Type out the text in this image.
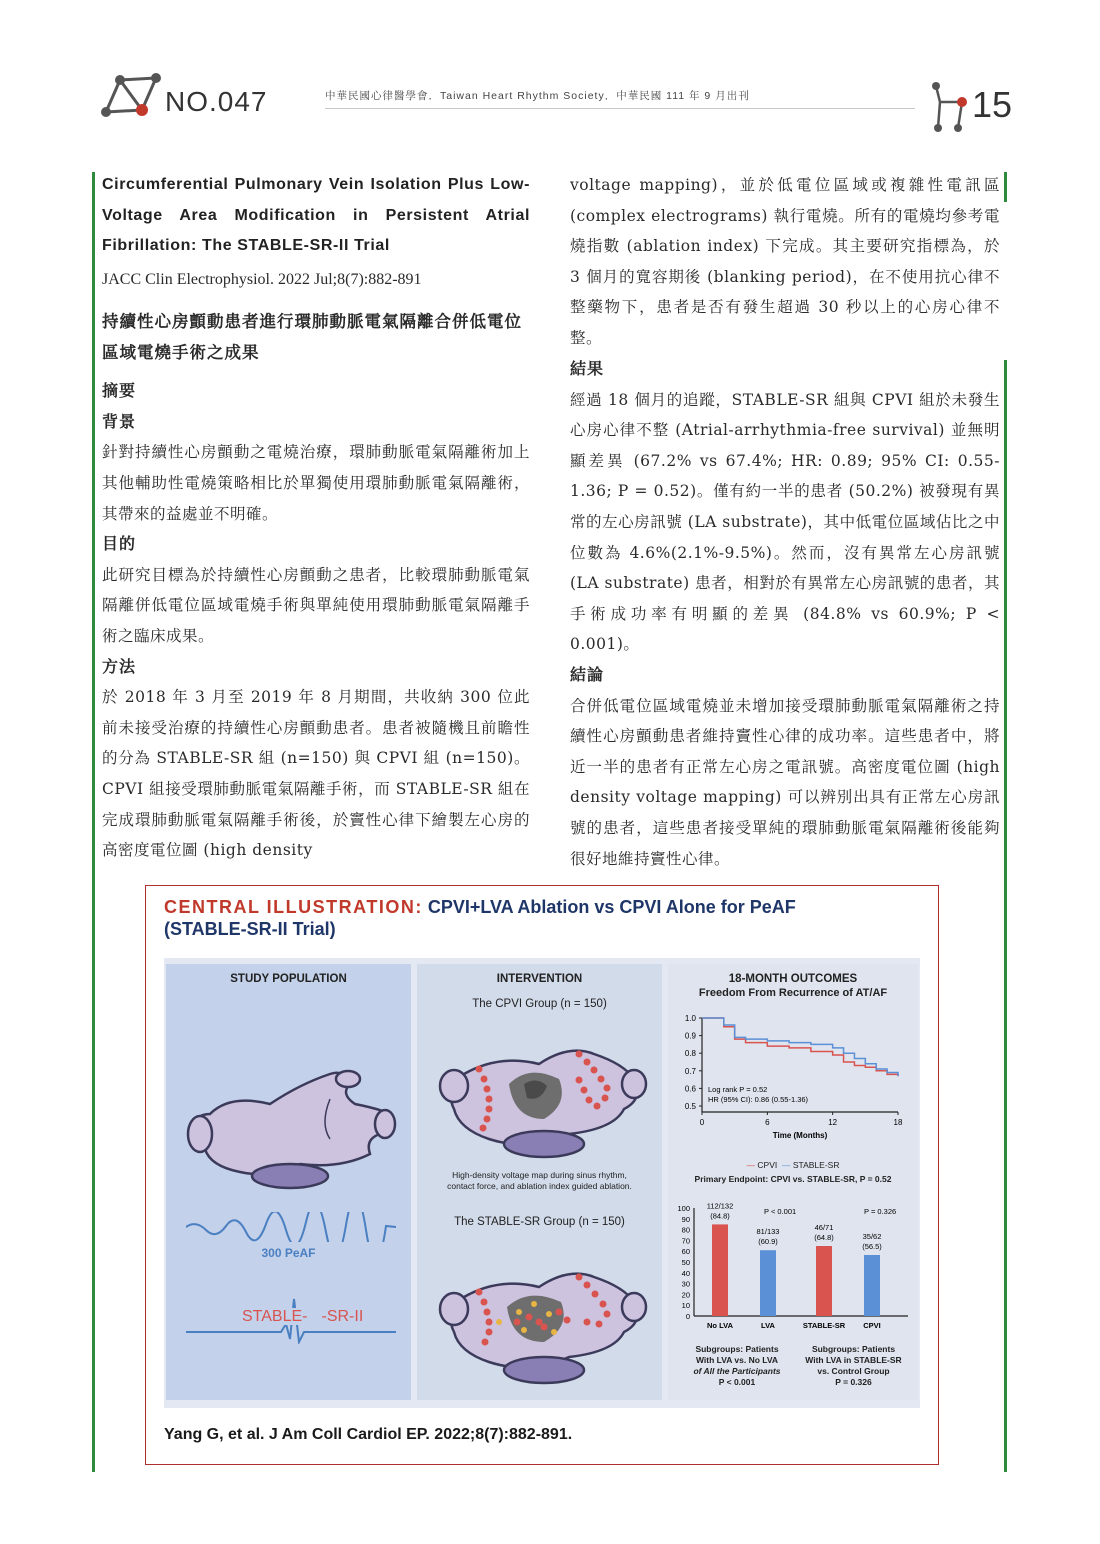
NO.047	中華民國心律醫學會．Taiwan Heart Rhythm Society．中華民國 111 年 9 月出刊	15
Circumferential Pulmonary Vein Isolation Plus Low-Voltage Area Modification in Persistent Atrial Fibrillation: The STABLE-SR-II Trial
JACC Clin Electrophysiol. 2022 Jul;8(7):882-891
持續性心房顫動患者進行環肺動脈電氣隔離合併低電位區域電燒手術之成果
摘要
背景
針對持續性心房顫動之電燒治療，環肺動脈電氣隔離術加上其他輔助性電燒策略相比於單獨使用環肺動脈電氣隔離術，其帶來的益處並不明確。
目的
此研究目標為於持續性心房顫動之患者，比較環肺動脈電氣隔離併低電位區域電燒手術與單純使用環肺動脈電氣隔離手術之臨床成果。
方法
於 2018 年 3 月至 2019 年 8 月期間，共收納 300 位此前未接受治療的持續性心房顫動患者。患者被隨機且前瞻性的分為 STABLE-SR 組 (n=150) 與 CPVI 組 (n=150)。CPVI 組接受環肺動脈電氣隔離手術，而 STABLE-SR 組在完成環肺動脈電氣隔離手術後，於竇性心律下繪製左心房的高密度電位圖 (high density
voltage mapping)，並於低電位區域或複雜性電訊區 (complex electrograms) 執行電燒。所有的電燒均參考電燒指數 (ablation index) 下完成。其主要研究指標為，於 3 個月的寬容期後 (blanking period)，在不使用抗心律不整藥物下，患者是否有發生超過 30 秒以上的心房心律不整。
結果
經過 18 個月的追蹤，STABLE-SR 組與 CPVI 組於未發生心房心律不整 (Atrial-arrhythmia-free survival) 並無明顯差異 (67.2% vs 67.4%; HR: 0.89; 95% CI: 0.55-1.36; P = 0.52)。僅有約一半的患者 (50.2%) 被發現有異常的左心房訊號 (LA substrate)，其中低電位區域佔比之中位數為 4.6%(2.1%-9.5%)。然而，沒有異常左心房訊號 (LA substrate) 患者，相對於有異常左心房訊號的患者，其手術成功率有明顯的差異 (84.8% vs 60.9%; P < 0.001)。
結論
合併低電位區域電燒並未增加接受環肺動脈電氣隔離術之持續性心房顫動患者維持竇性心律的成功率。這些患者中，將近一半的患者有正常左心房之電訊號。高密度電位圖 (high density voltage mapping) 可以辨別出具有正常左心房訊號的患者，這些患者接受單純的環肺動脈電氣隔離術後能夠很好地維持竇性心律。
CENTRAL ILLUSTRATION: CPVI+LVA Ablation vs CPVI Alone for PeAF
(STABLE-SR-II Trial)
STUDY POPULATION
300 PeAF
STABLE- -SR-II
INTERVENTION
The CPVI Group (n = 150)
High-density voltage map during sinus rhythm,
contact force, and ablation index guided ablation.
The STABLE-SR Group (n = 150)
18-MONTH OUTCOMES
Freedom From Recurrence of AT/AF
1.0
0.9
0.8
0.7
0.6
0.5
0	6	12	18
Time (Months)
Log rank P = 0.52
HR (95% CI): 0.86 (0.55-1.36)
— CPVI — STABLE-SR
Primary Endpoint: CPVI vs. STABLE-SR, P = 0.52
100
90
80
70
60
50
40
30
20
10
0
112/132
(84.8)
No LVA
81/133
(60.9)
LVA
46/71
(64.8)
STABLE-SR
35/62
(56.5)
CPVI
P < 0.001	P = 0.326
Subgroups: Patients
With LVA vs. No LVA
of All the Participants
P < 0.001
Subgroups: Patients
With LVA in STABLE-SR
vs. Control Group
P = 0.326
Yang G, et al. J Am Coll Cardiol EP. 2022;8(7):882-891.
